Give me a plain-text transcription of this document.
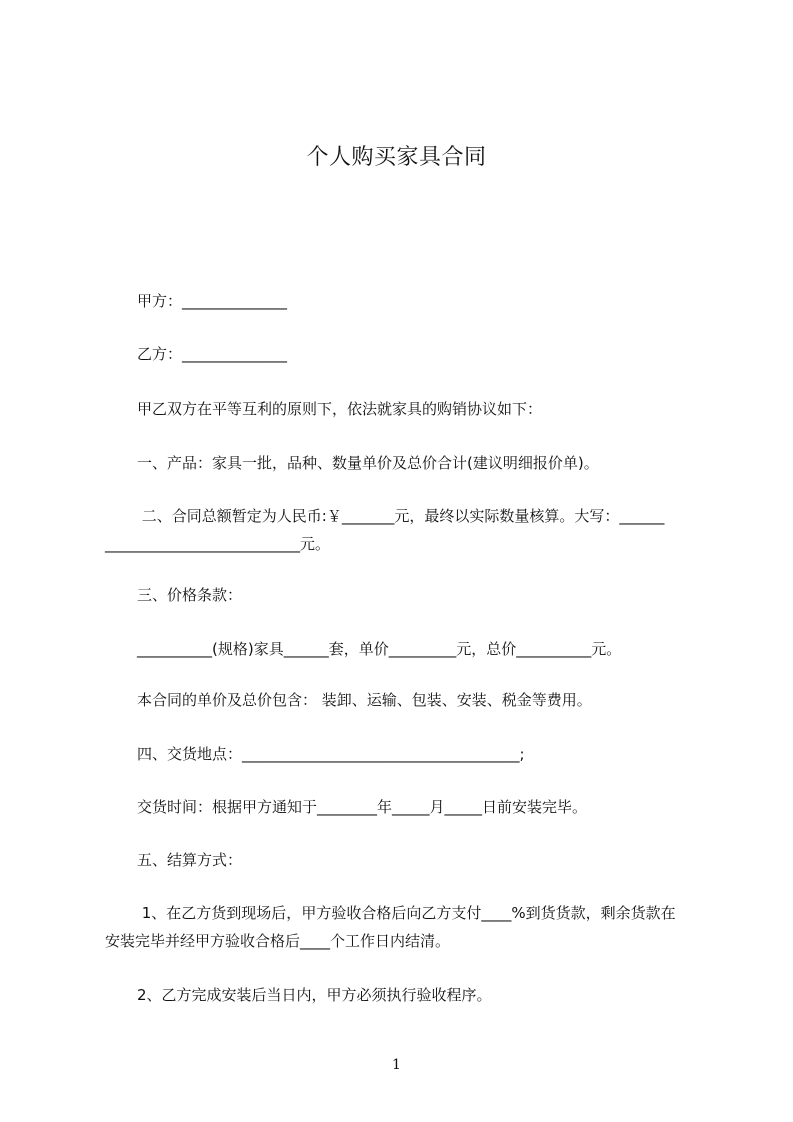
个人购买家具合同
甲方：______________
乙方：______________
甲乙双方在平等互利的原则下，依法就家具的购销协议如下：
一、产品：家具一批，品种、数量单价及总价合计(建议明细报价单)。
二、合同总额暂定为人民币:￥_______元，最终以实际数量核算。大写：______
__________________________元。
三、价格条款：
__________(规格)家具______套，单价_________元，总价__________元。
本合同的单价及总价包含： 装卸、运输、包装、安装、税金等费用。
四、交货地点：_____________________________________;
交货时间：根据甲方通知于________年_____月_____日前安装完毕。
五、结算方式：
1、在乙方货到现场后，甲方验收合格后向乙方支付____%到货货款，剩余货款在
安装完毕并经甲方验收合格后____个工作日内结清。
2、乙方完成安装后当日内，甲方必须执行验收程序。
1
